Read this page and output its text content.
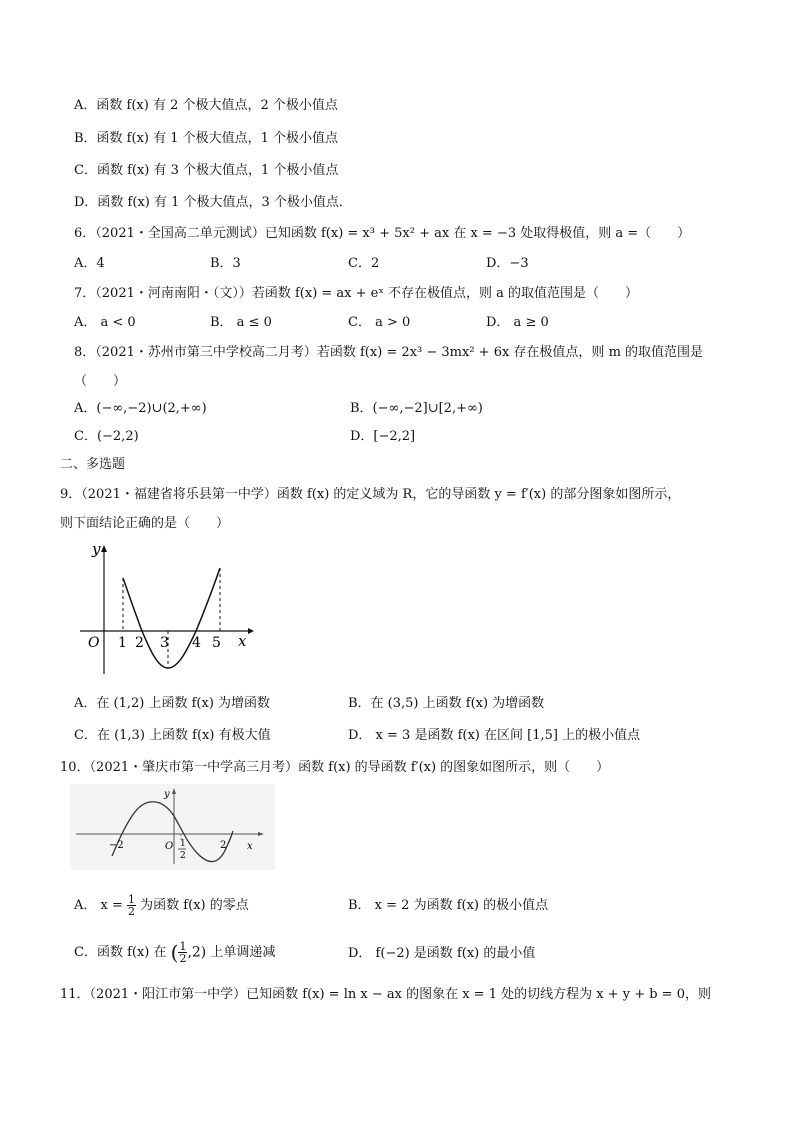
A．函数 f(x) 有 2 个极大值点，2 个极小值点
B．函数 f(x) 有 1 个极大值点，1 个极小值点
C．函数 f(x) 有 3 个极大值点，1 个极小值点
D．函数 f(x) 有 1 个极大值点，3 个极小值点．
6．（2021・全国高二单元测试）已知函数 f(x) = x³ + 5x² + ax 在 x = −3 处取得极值，则 a =（　　）
A．4	B．3	C．2	D．−3
7．（2021・河南南阳・（文））若函数 f(x) = ax + eˣ 不存在极值点，则 a 的取值范围是（　　）
A． a < 0	B． a ≤ 0	C． a > 0	D． a ≥ 0
8．（2021・苏州市第三中学校高二月考）若函数 f(x) = 2x³ − 3mx² + 6x 存在极值点，则 m 的取值范围是
（　　）
A．(−∞,−2)∪(2,+∞)	B．(−∞,−2]∪[2,+∞)
C．(−2,2)	D．[−2,2]
二、多选题
9．（2021・福建省将乐县第一中学）函数 f(x) 的定义域为 R，它的导函数 y = f′(x) 的部分图象如图所示，
则下面结论正确的是（　　）
y
x
O 1 2 3 4 5
A．在 (1,2) 上函数 f(x) 为增函数	B．在 (3,5) 上函数 f(x) 为增函数
C．在 (1,3) 上函数 f(x) 有极大值	D． x = 3 是函数 f(x) 在区间 [1,5] 上的极小值点
10．（2021・肇庆市第一中学高三月考）函数 f(x) 的导函数 f′(x) 的图象如图所示，则（　　）
y
x
O
−2	2
1
2
A． $x = \frac{1}{2}$ 为函数 f(x) 的零点	B． x = 2 为函数 f(x) 的极小值点
C．函数 f(x) 在 ( $\frac{1}{2} ,2$) 上单调递减	D． f(−2) 是函数 f(x) 的最小值
11．（2021・阳江市第一中学）已知函数 f(x) = ln x − ax 的图象在 x = 1 处的切线方程为 x + y + b = 0，则
